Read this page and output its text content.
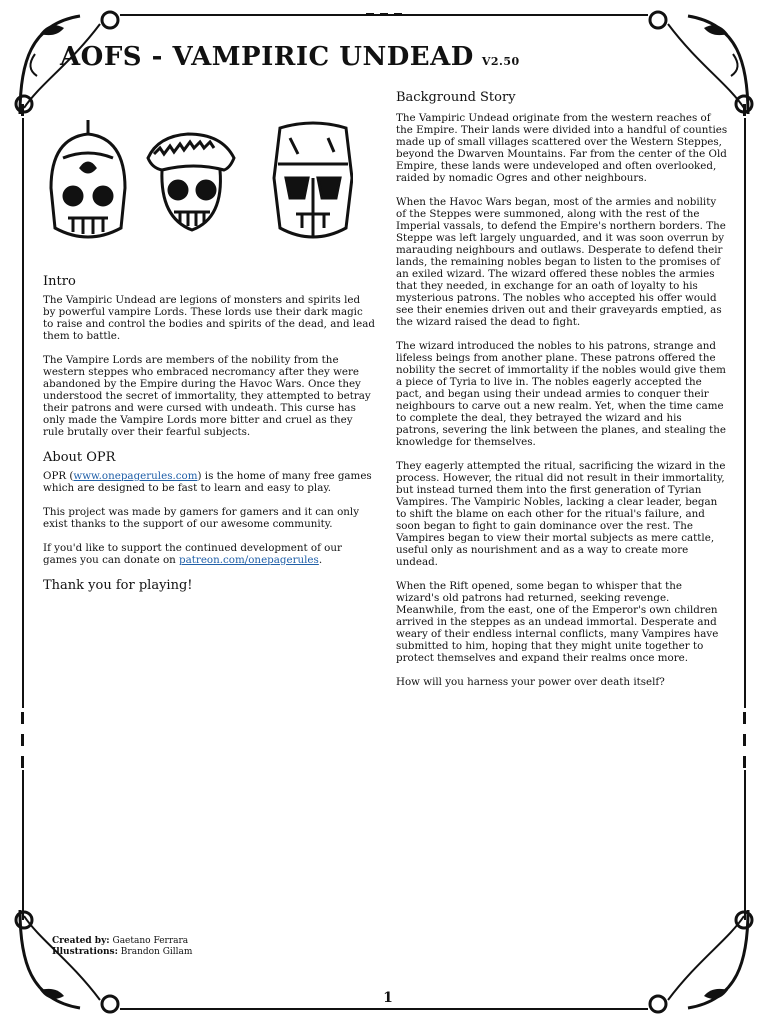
AOFS - VAMPIRIC UNDEAD V2.50
Intro

The Vampiric Undead are legions of monsters and spirits led by powerful vampire Lords. These lords use their dark magic to raise and control the bodies and spirits of the dead, and lead them to battle.

The Vampire Lords are members of the nobility from the western steppes who embraced necromancy after they were abandoned by the Empire during the Havoc Wars. Once they understood the secret of immortality, they attempted to betray their patrons and were cursed with undeath. This curse has only made the Vampire Lords more bitter and cruel as they rule brutally over their fearful subjects.

About OPR

OPR (www.onepagerules.com) is the home of many free games which are designed to be fast to learn and easy to play.

This project was made by gamers for gamers and it can only exist thanks to the support of our awesome community.

If you'd like to support the continued development of our games you can donate on patreon.com/onepagerules.

Thank you for playing!
Background Story

The Vampiric Undead originate from the western reaches of the Empire. Their lands were divided into a handful of counties made up of small villages scattered over the Western Steppes, beyond the Dwarven Mountains. Far from the center of the Old Empire, these lands were undeveloped and often overlooked, raided by nomadic Ogres and other neighbours.

When the Havoc Wars began, most of the armies and nobility of the Steppes were summoned, along with the rest of the Imperial vassals, to defend the Empire's northern borders. The Steppe was left largely unguarded, and it was soon overrun by marauding neighbours and outlaws. Desperate to defend their lands, the remaining nobles began to listen to the promises of an exiled wizard. The wizard offered these nobles the armies that they needed, in exchange for an oath of loyalty to his mysterious patrons. The nobles who accepted his offer would see their enemies driven out and their graveyards emptied, as the wizard raised the dead to fight.

The wizard introduced the nobles to his patrons, strange and lifeless beings from another plane. These patrons offered the nobility the secret of immortality if the nobles would give them a piece of Tyria to live in. The nobles eagerly accepted the pact, and began using their undead armies to conquer their neighbours to carve out a new realm. Yet, when the time came to complete the deal, they betrayed the wizard and his patrons, severing the link between the planes, and stealing the knowledge for themselves.

They eagerly attempted the ritual, sacrificing the wizard in the process. However, the ritual did not result in their immortality, but instead turned them into the first generation of Tyrian Vampires. The Vampiric Nobles, lacking a clear leader, began to shift the blame on each other for the ritual's failure, and soon began to fight to gain dominance over the rest. The Vampires began to view their mortal subjects as mere cattle, useful only as nourishment and as a way to create more undead.

When the Rift opened, some began to whisper that the wizard's old patrons had returned, seeking revenge. Meanwhile, from the east, one of the Emperor's own children arrived in the steppes as an undead immortal. Desperate and weary of their endless internal conflicts, many Vampires have submitted to him, hoping that they might unite together to protect themselves and expand their realms once more.

How will you harness your power over death itself?

Created by: Gaetano Ferrara
Illustrations: Brandon Gillam
1
